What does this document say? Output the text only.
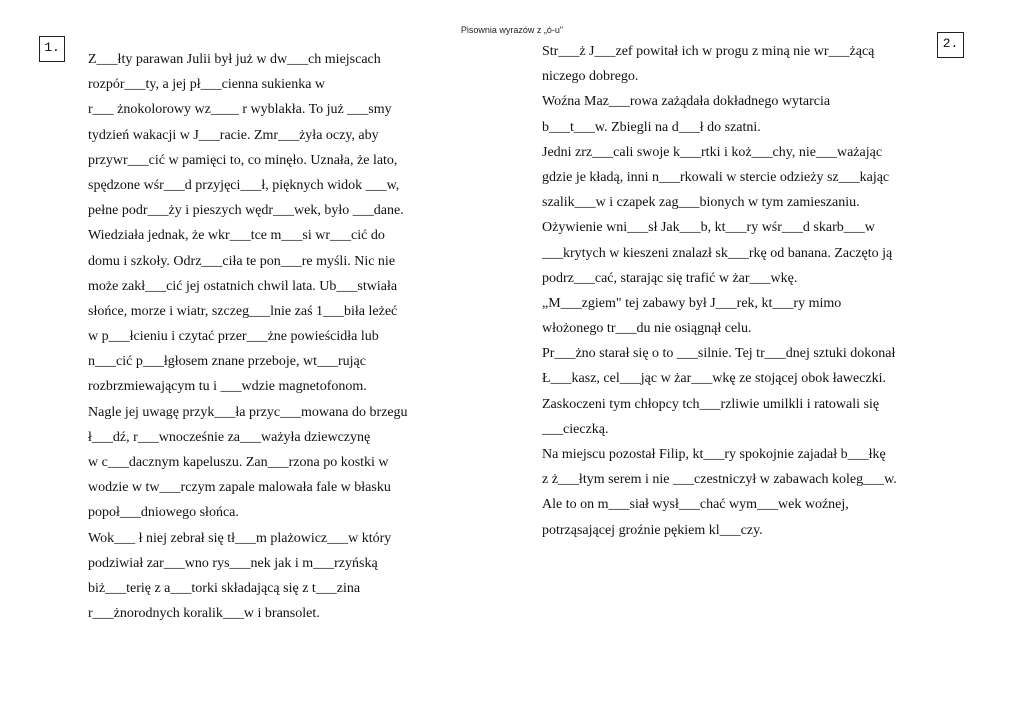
Pisownia wyrazów z „ó-u"
1.	2.
Z___łty parawan Julii był już w dw___ch miejscach
rozpór___ty, a jej pł___cienna sukienka w
r___ żnokolorowy wz____ r wyblakła. To już ___smy
tydzień wakacji w J___racie. Zmr___żyła oczy, aby
przywr___cić w pamięci to, co minęło. Uznała, że lato,
spędzone wśr___d przyjęci___ł, pięknych widok ___w,
pełne podr___ży i pieszych wędr___wek, było ___dane.
Wiedziała jednak, że wkr___tce m___si wr___cić do
domu i szkoły. Odrz___ciła te pon___re myśli. Nic nie
może zakł___cić jej ostatnich chwil lata. Ub___stwiała
słońce, morze i wiatr, szczeg___lnie zaś 1___biła leżeć
w p___łcieniu i czytać przer___żne powieścidła lub
n___cić p___łgłosem znane przeboje, wt___rując
rozbrzmiewającym tu i ___wdzie magnetofonom.
Nagle jej uwagę przyk___ła przyc___mowana do brzegu
ł___dź, r___wnocześnie za___ważyła dziewczynę
w c___dacznym kapeluszu. Zan___rzona po kostki w
wodzie w tw___rczym zapale malowała fale w błasku
popoł___dniowego słońca.
Wok___ ł niej zebrał się tł___m plażowicz___w który
podziwiał zar___wno rys___nek jak i m___rzyńską
biż___terię z a___torki składającą się z t___zina
r___żnorodnych koralik___w i bransolet.
Str___ż J___zef powitał ich w progu z miną nie wr___żącą
niczego dobrego.
Woźna Maz___rowa zażądała dokładnego wytarcia
b___t___w. Zbiegli na d___ł do szatni.
Jedni zrz___cali swoje k___rtki i koż___chy, nie___ważając
gdzie je kładą, inni n___rkowali w stercie odzieży sz___kając
szalik___w i czapek zag___bionych w tym zamieszaniu.
Ożywienie wni___sł Jak___b, kt___ry wśr___d skarb___w
___krytych w kieszeni znalazł sk___rkę od banana. Zaczęto ją
podrz___cać, starając się trafić w żar___wkę.
„M___zgiem" tej zabawy był J___rek, kt___ry mimo
włożonego tr___du nie osiągnął celu.
Pr___żno starał się o to ___silnie. Tej tr___dnej sztuki dokonał
Ł___kasz, cel___jąc w żar___wkę ze stojącej obok ławeczki.
Zaskoczeni tym chłopcy tch___rzliwie umilkli i ratowali się
___cieczką.
Na miejscu pozostał Filip, kt___ry spokojnie zajadał b___łkę
z ż___łtym serem i nie ___czestniczył w zabawach koleg___w.
Ale to on m___siał wysł___chać wym___wek woźnej,
potrząsającej groźnie pękiem kl___czy.
